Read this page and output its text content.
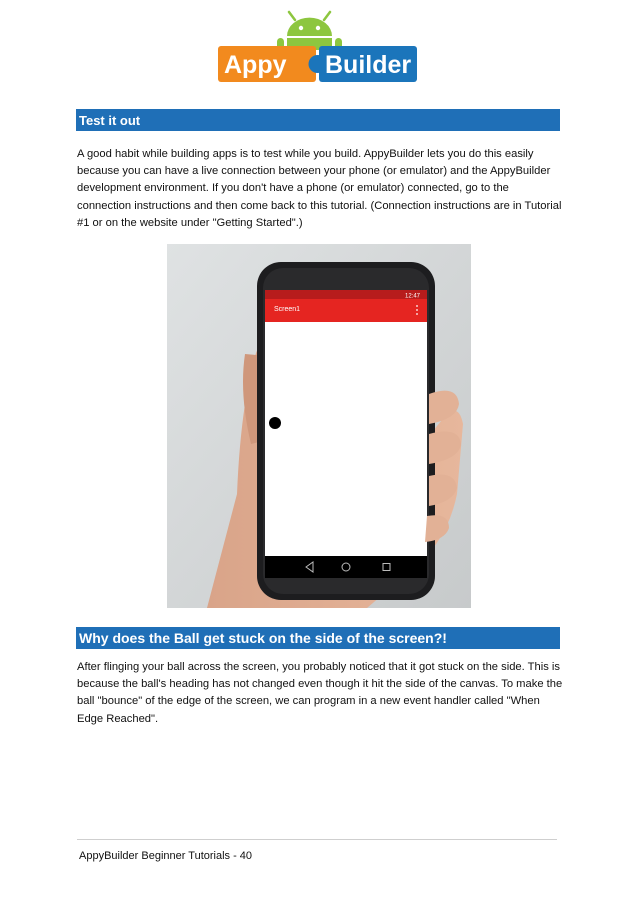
Appy Builder
Test it out

A good habit while building apps is to test while you build. AppyBuilder lets you do this easily because you can have a live connection between your phone (or emulator) and the AppyBuilder development environment. If you don't have a phone (or emulator) connected, go to the connection instructions and then come back to this tutorial. (Connection instructions are in Tutorial #1 or on the website under "Getting Started".)

12:47
Screen1
Why does the Ball get stuck on the side of the screen?!

After flinging your ball across the screen, you probably noticed that it got stuck on the side. This is because the ball's heading has not changed even though it hit the side of the canvas. To make the ball "bounce" of the edge of the screen, we can program in a new event handler called "When Edge Reached".

AppyBuilder Beginner Tutorials - 40
